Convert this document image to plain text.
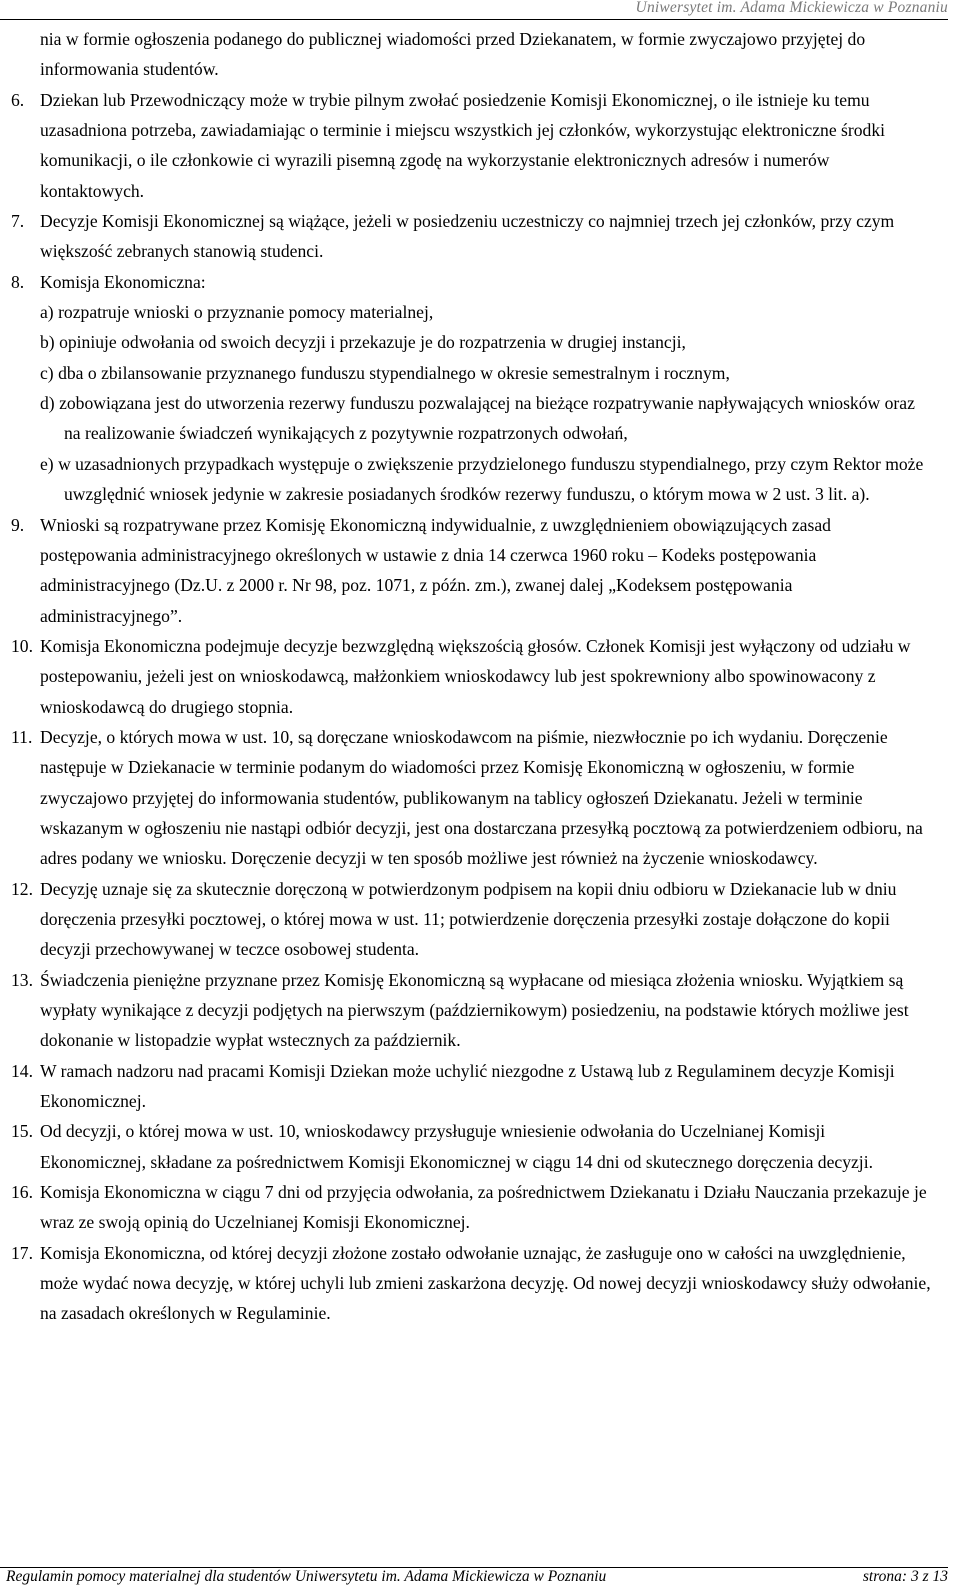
Uniwersytet im. Adama Mickiewicza w Poznaniu

nia w formie ogłoszenia podanego do publicznej wiadomości przed Dziekanatem, w formie zwyczajowo przyjętej do informowania studentów.

6. Dziekan lub Przewodniczący może w trybie pilnym zwołać posiedzenie Komisji Ekonomicznej, o ile istnieje ku temu uzasadniona potrzeba, zawiadamiając o terminie i miejscu wszystkich jej członków, wykorzystując elektroniczne środki komunikacji, o ile członkowie ci wyrazili pisemną zgodę na wykorzystanie elektronicznych adresów i numerów kontaktowych.
7. Decyzje Komisji Ekonomicznej są wiążące, jeżeli w posiedzeniu uczestniczy co najmniej trzech jej członków, przy czym większość zebranych stanowią studenci.
8. Komisja Ekonomiczna:

a) rozpatruje wnioski o przyznanie pomocy materialnej,

b) opiniuje odwołania od swoich decyzji i przekazuje je do rozpatrzenia w drugiej instancji,

c) dba o zbilansowanie przyznanego funduszu stypendialnego w okresie semestralnym i rocznym,

d) zobowiązana jest do utworzenia rezerwy funduszu pozwalającej na bieżące rozpatrywanie napływających wniosków oraz na realizowanie świadczeń wynikających z pozytywnie rozpatrzonych odwołań,

e) w uzasadnionych przypadkach występuje o zwiększenie przydzielonego funduszu stypendialnego, przy czym Rektor może uwzględnić wniosek jedynie w zakresie posiadanych środków rezerwy funduszu, o którym mowa w 2 ust. 3 lit. a).

9. Wnioski są rozpatrywane przez Komisję Ekonomiczną indywidualnie, z uwzględnieniem obowiązujących zasad postępowania administracyjnego określonych w ustawie z dnia 14 czerwca 1960 roku – Kodeks postępowania administracyjnego (Dz.U. z 2000 r. Nr 98, poz. 1071, z późn. zm.), zwanej dalej „Kodeksem postępowania administracyjnego”.
10. Komisja Ekonomiczna podejmuje decyzje bezwzględną większością głosów. Członek Komisji jest wyłączony od udziału w postepowaniu, jeżeli jest on wnioskodawcą, małżonkiem wnioskodawcy lub jest spokrewniony albo spowinowacony z wnioskodawcą do drugiego stopnia.
11. Decyzje, o których mowa w ust. 10, są doręczane wnioskodawcom na piśmie, niezwłocznie po ich wydaniu. Doręczenie następuje w Dziekanacie w terminie podanym do wiadomości przez Komisję Ekonomiczną w ogłoszeniu, w formie zwyczajowo przyjętej do informowania studentów, publikowanym na tablicy ogłoszeń Dziekanatu. Jeżeli w terminie wskazanym w ogłoszeniu nie nastąpi odbiór decyzji, jest ona dostarczana przesyłką pocztową za potwierdzeniem odbioru, na adres podany we wniosku. Doręczenie decyzji w ten sposób możliwe jest również na życzenie wnioskodawcy.
12. Decyzję uznaje się za skutecznie doręczoną w potwierdzonym podpisem na kopii dniu odbioru w Dziekanacie lub w dniu doręczenia przesyłki pocztowej, o której mowa w ust. 11; potwierdzenie doręczenia przesyłki zostaje dołączone do kopii decyzji przechowywanej w teczce osobowej studenta.
13. Świadczenia pieniężne przyznane przez Komisję Ekonomiczną są wypłacane od miesiąca złożenia wniosku. Wyjątkiem są wypłaty wynikające z decyzji podjętych na pierwszym (październikowym) posiedzeniu, na podstawie których możliwe jest dokonanie w listopadzie wypłat wstecznych za październik.
14. W ramach nadzoru nad pracami Komisji Dziekan może uchylić niezgodne z Ustawą lub z Regulaminem decyzje Komisji Ekonomicznej.
15. Od decyzji, o której mowa w ust. 10, wnioskodawcy przysługuje wniesienie odwołania do Uczelnianej Komisji Ekonomicznej, składane za pośrednictwem Komisji Ekonomicznej w ciągu 14 dni od skutecznego doręczenia decyzji.
16. Komisja Ekonomiczna w ciągu 7 dni od przyjęcia odwołania, za pośrednictwem Dziekanatu i Działu Nauczania przekazuje je wraz ze swoją opinią do Uczelnianej Komisji Ekonomicznej.
17. Komisja Ekonomiczna, od której decyzji złożone zostało odwołanie uznając, że zasługuje ono w całości na uwzględnienie, może wydać nowa decyzję, w której uchyli lub zmieni zaskarżona decyzję. Od nowej decyzji wnioskodawcy służy odwołanie, na zasadach określonych w Regulaminie.
Regulamin pomocy materialnej dla studentów Uniwersytetu im. Adama Mickiewicza w Poznaniu	strona: 3 z 13
